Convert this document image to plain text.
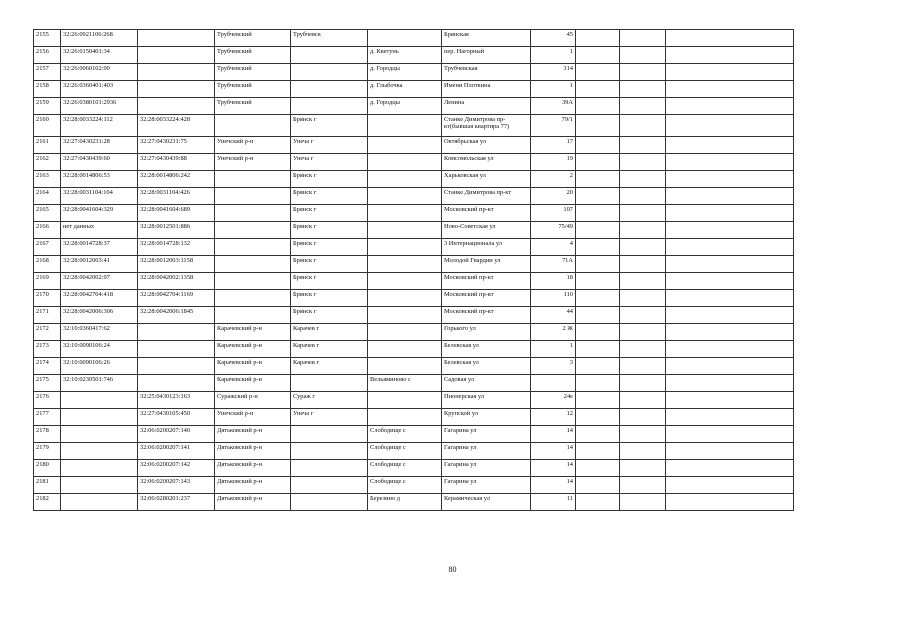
2155	32:26:0921106:268		Трубчевский	Трубчевск		Брянская	45			
2156	32:26:0150401:34		Трубчевский		д. Кветунь	пер. Нагорный	1			
2157	32:26:0060102:90		Трубчевский		д. Городцы	Трубчевская	314			
2158	32:26:0360401:403		Трубчевский		д. Глыбочка	Имени Плоткина	1			
2159	32:26:0380101:2936		Трубчевский		д. Городцы	Ленина	39А			
2160	32:28:0033224:112	32:28:0033224:428		Брянск г		Станке Димитрова пр-кт(бывшая квартира 77)	79/1			
2161	32:27:0430231:28	32:27:0430231:75	Унечский р-н	Унеча г		Октябрьская ул	17			
2162	32:27:0430439:60	32:27:0430439:88	Унечский р-н	Унеча г		Комсомольская ул	19			
2163	32:28:0014806:53	32:28:0014806:242		Брянск г		Харьковская ул	2			
2164	32:28:0031104:104	32:28:0031104:426		Брянск г		Станке Димитрова пр-кт	20			
2165	32:28:0041604:329	32:28:0041604:689		Брянск г		Московский пр-кт	107			
2166	нет данных	32:28:0012501:886		Брянск г		Ново-Советская ул	75/49			
2167	32:28:0014728:37	32:28:0014728:132		Брянск г		3 Интернационала ул	4			
2168	32:28:0012003:41	32:28:0012003:1158		Брянск г		Молодой Гвардии ул	71А			
2169	32:28:0042002:97	32:28:0042002:1358		Брянск г		Московский пр-кт	18			
2170	32:28:0042704:418	32:28:0042704:1169		Брянск г		Московский пр-кт	110			
2171	32:28:0042006:306	32:28:0042006:1845		Брянск г		Московский пр-кт	44			
2172	32:10:0360417:62		Карачевский р-н	Карачев г		Горького ул	2 Ж			
2173	32:10:0090106:24		Карачевский р-н	Карачев г		Белевская ул	1			
2174	32:10:0090106:26		Карачевский р-н	Карачев г		Белевская ул	3			
2175	32:10:0230501:746		Карачевский р-н		Вельяминово с	Садовая ул				
2176		32:25:0430123:163	Суражский р-н	Сураж г		Пионерская ул	24е			
2177		32:27:0430105:450	Унечский р-н	Унеча г		Крупской ул	12			
2178		32:06:0200207:140	Дятьковский р-н		Слободище с	Гагарина ул	14			
2179		32:06:0200207:141	Дятьковский р-н		Слободище с	Гагарина ул	14			
2180		32:06:0200207:142	Дятьковский р-н		Слободище с	Гагарина ул	14			
2181		32:06:0200207:143	Дятьковский р-н		Слободище с	Гагарина ул	14			
2182		32:06:0280201:237	Дятьковский р-н		Березино д	Керамическая ул	11			
80
